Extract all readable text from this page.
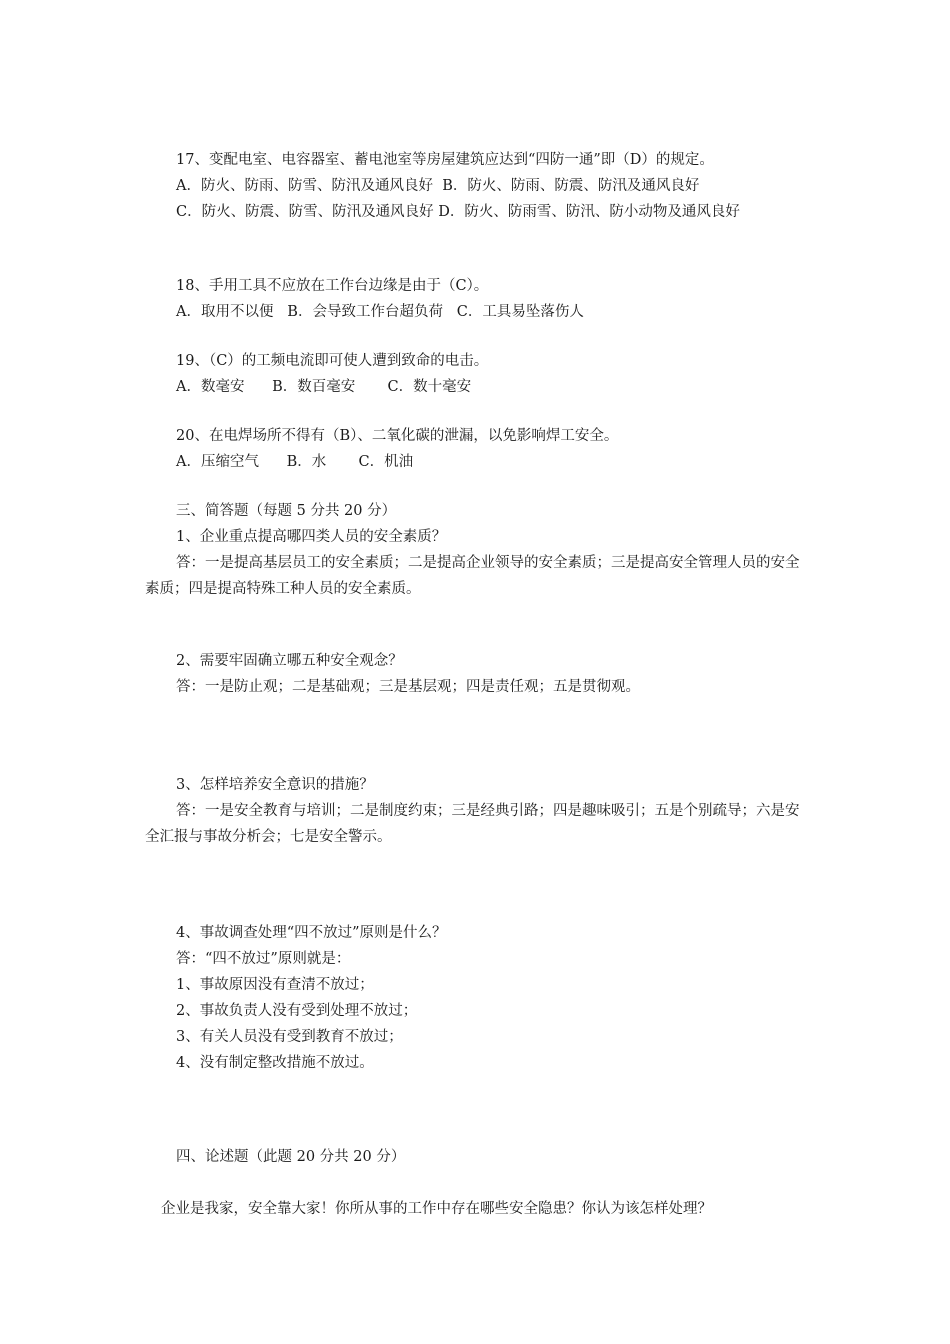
17、变配电室、电容器室、蓄电池室等房屋建筑应达到“四防一通”即（D）的规定。

A．防火、防雨、防雪、防汛及通风良好  B．防火、防雨、防震、防汛及通风良好

C．防火、防震、防雪、防汛及通风良好 D．防火、防雨雪、防汛、防小动物及通风良好

18、手用工具不应放在工作台边缘是由于（C）。

A．取用不以便   B．会导致工作台超负荷   C．工具易坠落伤人

19、（C）的工频电流即可使人遭到致命的电击。

A．数毫安      B．数百毫安       C．数十毫安

20、在电焊场所不得有（B）、二氧化碳的泄漏，以免影响焊工安全。

A．压缩空气      B．水       C．机油

三、简答题（每题 5 分共 20 分）

1、企业重点提高哪四类人员的安全素质？

答：一是提高基层员工的安全素质；二是提高企业领导的安全素质；三是提高安全管理人员的安全素质；四是提高特殊工种人员的安全素质。

2、需要牢固确立哪五种安全观念？

答：一是防止观；二是基础观；三是基层观；四是责任观；五是贯彻观。

3、怎样培养安全意识的措施？

答：一是安全教育与培训；二是制度约束；三是经典引路；四是趣味吸引；五是个别疏导；六是安全汇报与事故分析会；七是安全警示。

4、事故调查处理“四不放过”原则是什么？

答：“四不放过”原则就是：

1、事故原因没有查清不放过；

2、事故负责人没有受到处理不放过；

3、有关人员没有受到教育不放过；

4、没有制定整改措施不放过。

四、论述题（此题 20 分共 20 分）

企业是我家，安全靠大家！你所从事的工作中存在哪些安全隐患？你认为该怎样处理？
